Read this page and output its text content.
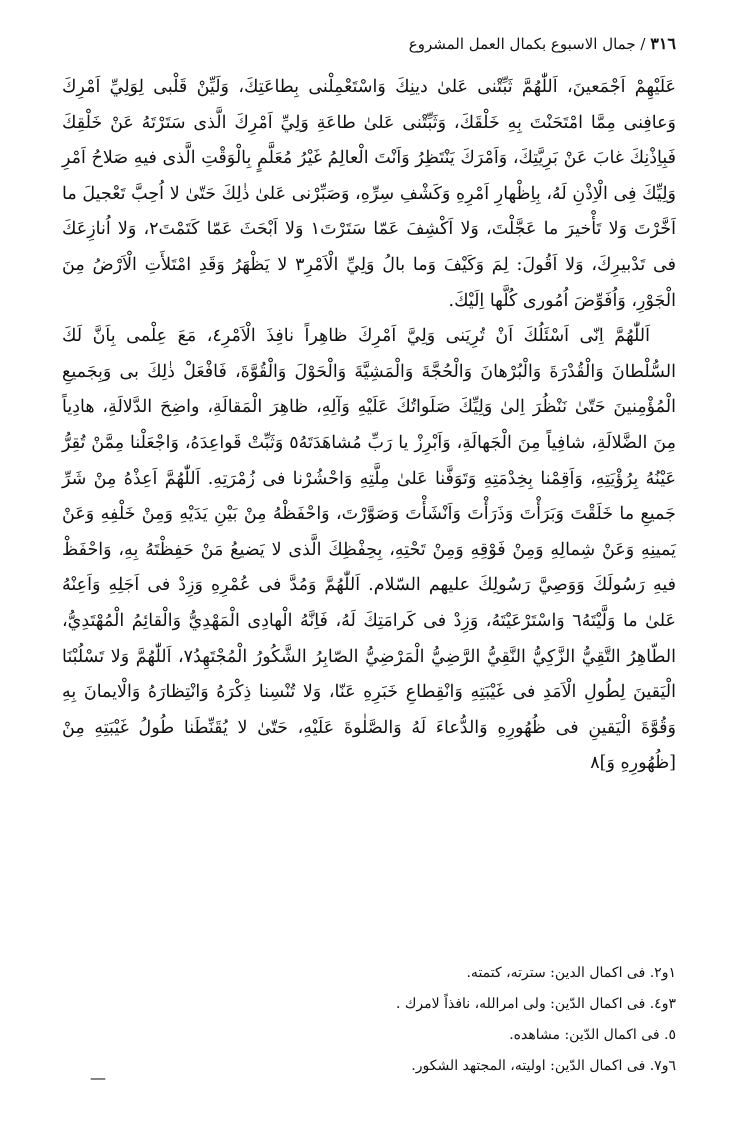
٣١٦ / جمال الاسبوع بكمال العمل المشروع

عَلَيْهِمْ اَجْمَعينَ، اَللّٰهُمَّ ثَبِّتْنى عَلىٰ دينِكَ وَاسْتَعْمِلْنى بِطاعَتِكَ، وَلَيِّنْ قَلْبى لِوَلِيِّ اَمْرِكَ وَعافِنى مِمَّا امْتَحَنْتَ بِهِ خَلْقَكَ، وَثَبِّتْنى عَلىٰ طاعَةِ وَلِيِّ اَمْرِكَ الَّذى سَتَرْتَهُ عَنْ خَلْقِكَ فَبِاِذْنِكَ غابَ عَنْ بَرِيَّتِكَ، وَاَمْرَكَ يَنْتَظِرُ وَاَنْتَ الْعالِمُ غَيْرُ مُعَلَّمٍ بِالْوَقْتِ الَّذى فيهِ صَلاحُ اَمْرِ وَلِيِّكَ فِى الْاِذْنِ لَهُ، بِاِظْهارِ اَمْرِهِ وَكَشْفِ سِرِّهِ، وَصَبِّرْنى عَلىٰ ذٰلِكَ حَتّىٰ لا اُحِبَّ تَعْجيلَ ما اَخَّرْتَ وَلا تَأْخيرَ ما عَجَّلْتَ، وَلا اَكْشِفَ عَمّا سَتَرْتَ١ وَلا اَبْحَثَ عَمّا كَتَمْتَ٢، وَلا اُنازِعَكَ فى تَدْبيرِكَ، وَلا اَقُولَ: لِمَ وَكَيْفَ وَما بالُ وَلِيِّ الْاَمْرِ٣ لا يَظْهَرُ وَقَدِ امْتَلأَتِ الْاَرْضُ مِنَ الْجَوْرِ، وَاُفَوِّضَ اُمُورى كُلَّها اِلَيْكَ.

اَللّٰهُمَّ اِنّى اَسْئَلُكَ اَنْ تُرِيَنى وَلِيَّ اَمْرِكَ ظاهِراً نافِذَ الْاَمْرِ٤، مَعَ عِلْمى بِاَنَّ لَكَ السُّلْطانَ وَالْقُدْرَةَ وَالْبُرْهانَ وَالْحُجَّةَ وَالْمَشِيَّةَ وَالْحَوْلَ وَالْقُوَّةَ، فَافْعَلْ ذٰلِكَ بى وَبِجَميعِ الْمُؤْمِنينَ حَتّىٰ نَنْظُرَ اِلىٰ وَلِيِّكَ صَلَواتُكَ عَلَيْهِ وَآلِهِ، ظاهِرَ الْمَقالَةِ، واضِحَ الدَّلالَةِ، هادِياً مِنَ الضَّلالَةِ، شافِياً مِنَ الْجَهالَةِ، وَاَبْرِزْ يا رَبِّ مُشاهَدَتَهُ٥ وَثَبِّتْ قَواعِدَهُ، وَاجْعَلْنا مِمَّنْ تُقِرُّ عَيْنُهُ بِرُؤْيَتِهِ، وَاَقِمْنا بِخِدْمَتِهِ وَتَوَفَّنا عَلىٰ مِلَّتِهِ وَاحْشُرْنا فى زُمْرَتِهِ. اَللّٰهُمَّ اَعِذْهُ مِنْ شَرِّ جَميعِ ما خَلَقْتَ وَبَرَأْتَ وَذَرَأْتَ وَاَنْشَأْتَ وَصَوَّرْتَ، وَاحْفَظْهُ مِنْ بَيْنِ يَدَيْهِ وَمِنْ خَلْفِهِ وَعَنْ يَمينِهِ وَعَنْ شِمالِهِ وَمِنْ فَوْقِهِ وَمِنْ تَحْتِهِ، بِحِفْظِكَ الَّذى لا يَضيعُ مَنْ حَفِظْتَهُ بِهِ، وَاحْفَظْ فيهِ رَسُولَكَ وَوَصِيَّ رَسُولِكَ عليهم السّلام. اَللّٰهُمَّ وَمُدَّ فى عُمْرِهِ وَزِدْ فى اَجَلِهِ وَاَعِنْهُ عَلىٰ ما وَلَّيْتَهُ٦ وَاسْتَرْعَيْتَهُ، وَزِدْ فى كَرامَتِكَ لَهُ، فَاِنَّهُ الْهادِى الْمَهْدِيُّ وَالْقائِمُ الْمُهْتَدِيُّ، الطّاهِرُ التَّقِيُّ الزَّكِيُّ النَّقِيُّ الرَّضِيُّ الْمَرْضِيُّ الصّابِرُ الشَّكُورُ الْمُجْتَهِدُ٧، اَللّٰهُمَّ وَلا تَسْلُبْنَا الْيَقينَ لِطُولِ الْاَمَدِ فى غَيْبَتِهِ وَانْقِطاعِ خَبَرِهِ عَنّا، وَلا تُنْسِنا ذِكْرَهُ وَانْتِظارَهُ وَالْايمانَ بِهِ وَقُوَّةَ الْيَقينِ فى ظُهُورِهِ وَالدُّعاءَ لَهُ وَالصَّلٰوةَ عَلَيْهِ، حَتّىٰ لا يُقَنِّطَنا طُولُ غَيْبَتِهِ مِنْ [ظُهُورِهِ وَ]٨

١و٢. فى اكمال الدين: سترته، كتمته.
٣و٤. فى اكمال الدّين: ولى امرالله، نافذاً لامرك .
٥. فى اكمال الدّين: مشاهده.
٦و٧. فى اكمال الدّين: اوليته، المجتهد الشكور.
—
